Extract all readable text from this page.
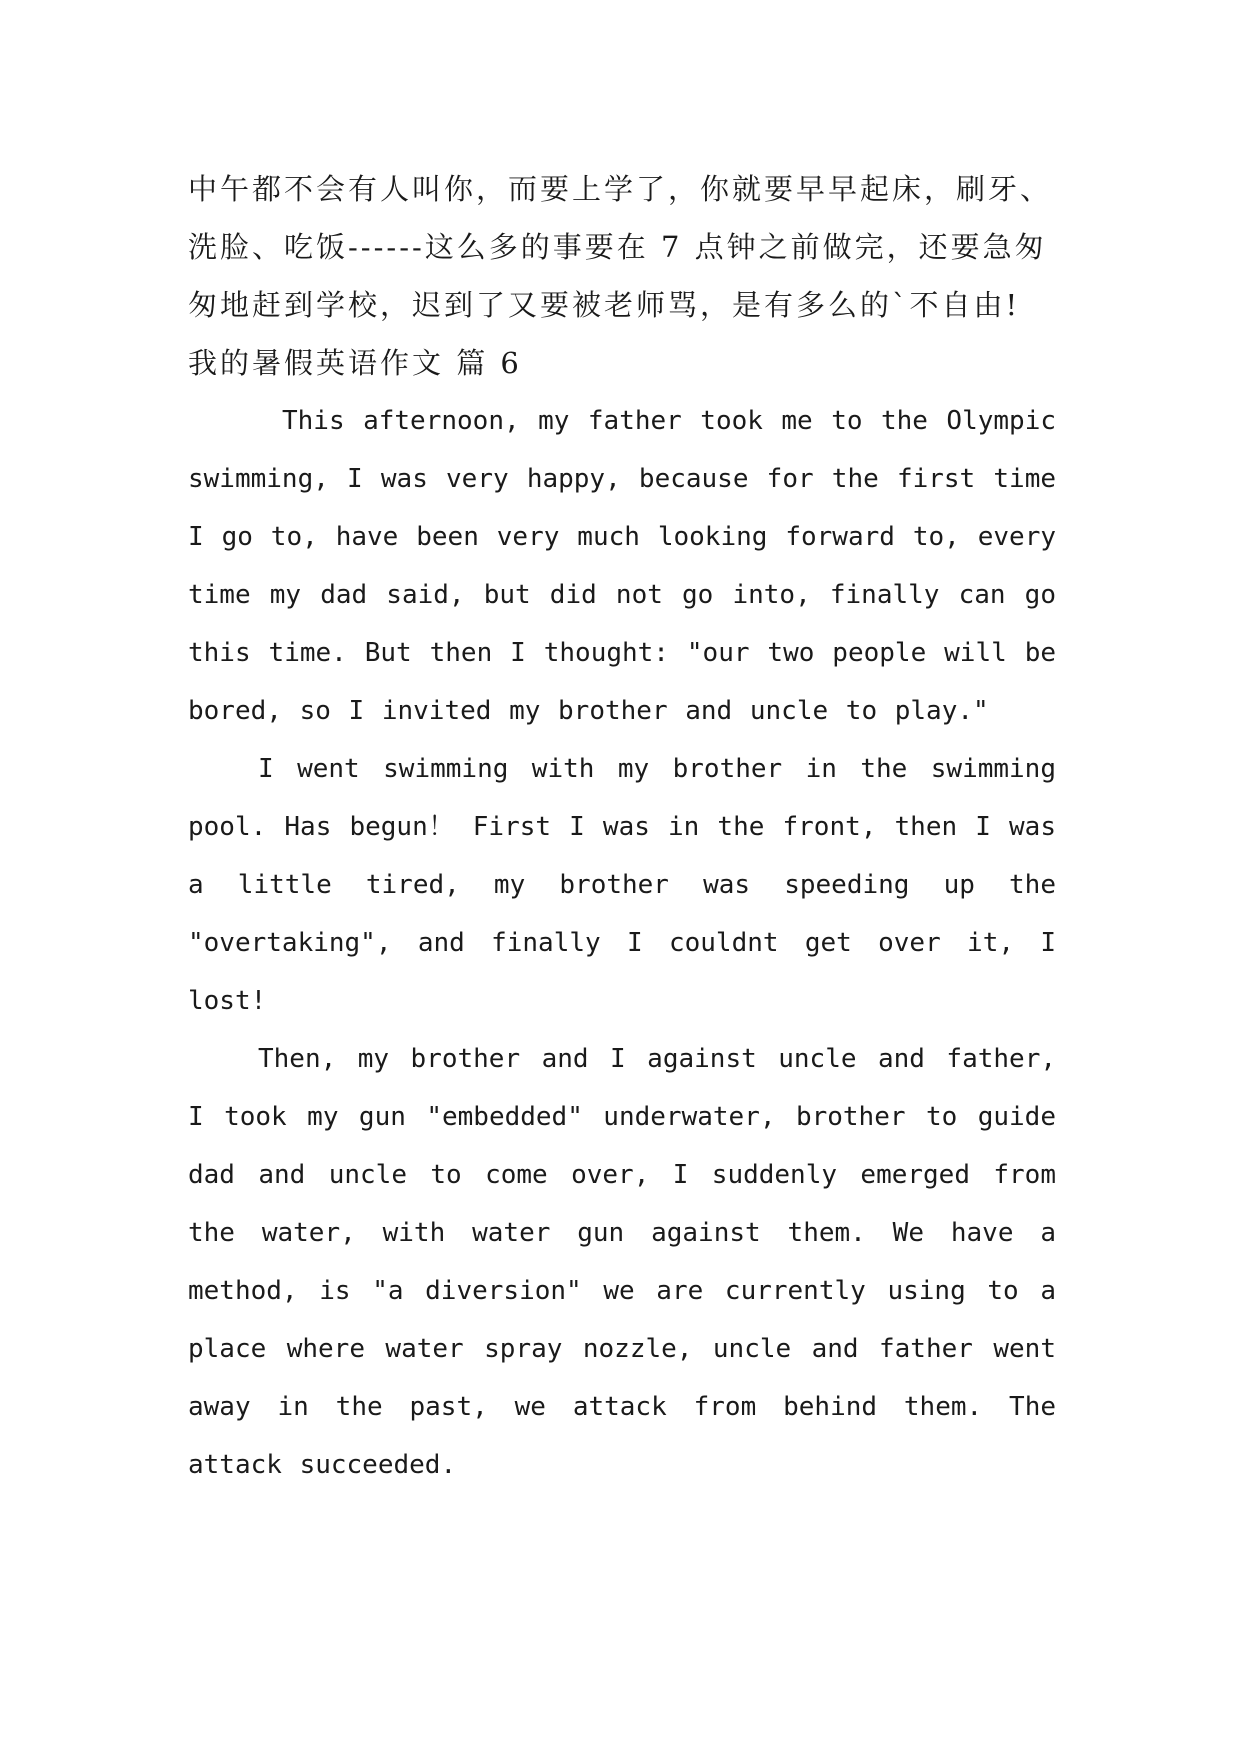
中午都不会有人叫你，而要上学了，你就要早早起床，刷牙、

洗脸、吃饭------这么多的事要在 7 点钟之前做完，还要急匆

匆地赶到学校，迟到了又要被老师骂，是有多么的`不自由!

我的暑假英语作文 篇 6

This afternoon, my father took me to the Olympic swimming, I was very happy, because for the first time I go to, have been very much looking forward to, every time my dad said, but did not go into, finally can go this time. But then I thought: "our two people will be bored, so I invited my brother and uncle to play."

I went swimming with my brother in the swimming pool. Has begun！ First I was in the front, then I was a little tired, my brother was speeding up the "overtaking", and finally I couldnt get over it, I lost!

Then, my brother and I against uncle and father, I took my gun "embedded" underwater, brother to guide dad and uncle to come over, I suddenly emerged from the water, with water gun against them. We have a method, is "a diversion" we are currently using to a place where water spray nozzle, uncle and father went away in the past, we attack from behind them. The attack succeeded.
